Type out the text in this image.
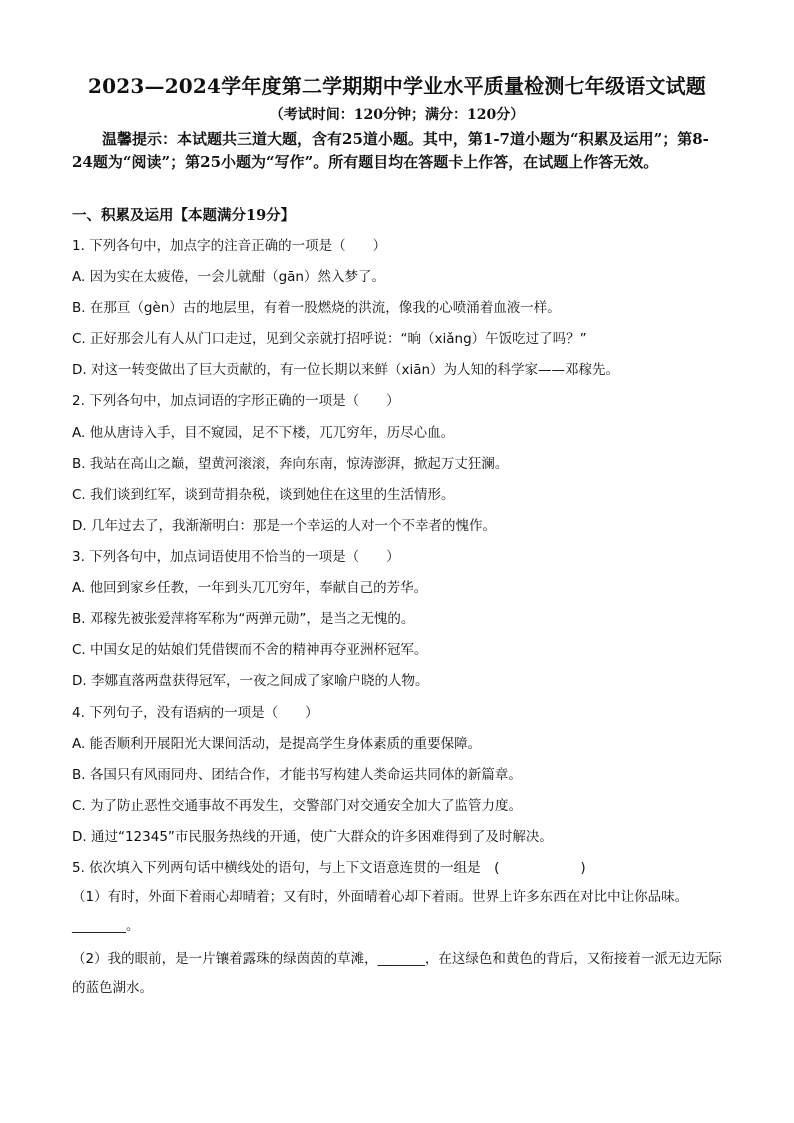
2023—2024学年度第二学期期中学业水平质量检测七年级语文试题
（考试时间：120分钟；满分：120分）
温馨提示：本试题共三道大题，含有25道小题。其中，第1-7道小题为“积累及运用”；第8-24题为“阅读”；第25小题为“写作”。所有题目均在答题卡上作答，在试题上作答无效。
一、积累及运用【本题满分19分】
1. 下列各句中，加点字的注音正确的一项是（　　）
A. 因为实在太疲倦，一会儿就酣（gān）然入梦了。
B. 在那亘（gèn）古的地层里，有着一股燃烧的洪流，像我的心喷涌着血液一样。
C. 正好那会儿有人从门口走过，见到父亲就打招呼说：“晌（xiǎng）午饭吃过了吗？”
D. 对这一转变做出了巨大贡献的，有一位长期以来鲜（xiān）为人知的科学家——邓稼先。
2. 下列各句中，加点词语的字形正确的一项是（　　）
A. 他从唐诗入手，目不窥园，足不下楼，兀兀穷年，历尽心血。
B. 我站在高山之巅，望黄河滚滚，奔向东南，惊涛澎湃，掀起万丈狂澜。
C. 我们谈到红军，谈到苛捐杂税，谈到她住在这里的生活情形。
D. 几年过去了，我渐渐明白：那是一个幸运的人对一个不幸者的愧作。
3. 下列各句中，加点词语使用不恰当的一项是（　　）
A. 他回到家乡任教，一年到头兀兀穷年，奉献自己的芳华。
B. 邓稼先被张爱萍将军称为“两弹元勋”，是当之无愧的。
C. 中国女足的姑娘们凭借锲而不舍的精神再夺亚洲杯冠军。
D. 李娜直落两盘获得冠军，一夜之间成了家喻户晓的人物。
4. 下列句子，没有语病的一项是（　　）
A. 能否顺利开展阳光大课间活动，是提高学生身体素质的重要保障。
B. 各国只有风雨同舟、团结合作，才能书写构建人类命运共同体的新篇章。
C. 为了防止恶性交通事故不再发生，交警部门对交通安全加大了监管力度。
D. 通过“12345”市民服务热线的开通，使广大群众的许多困难得到了及时解决。
5. 依次填入下列两句话中横线处的语句，与上下文语意连贯的一组是　(　　　　　　)
（1）有时，外面下着雨心却晴着；又有时，外面晴着心却下着雨。世界上许多东西在对比中让你品味。________。
（2）我的眼前，是一片镶着露珠的绿茵茵的草滩，_______，在这绿色和黄色的背后，又衔接着一派无边无际的蓝色湖水。
